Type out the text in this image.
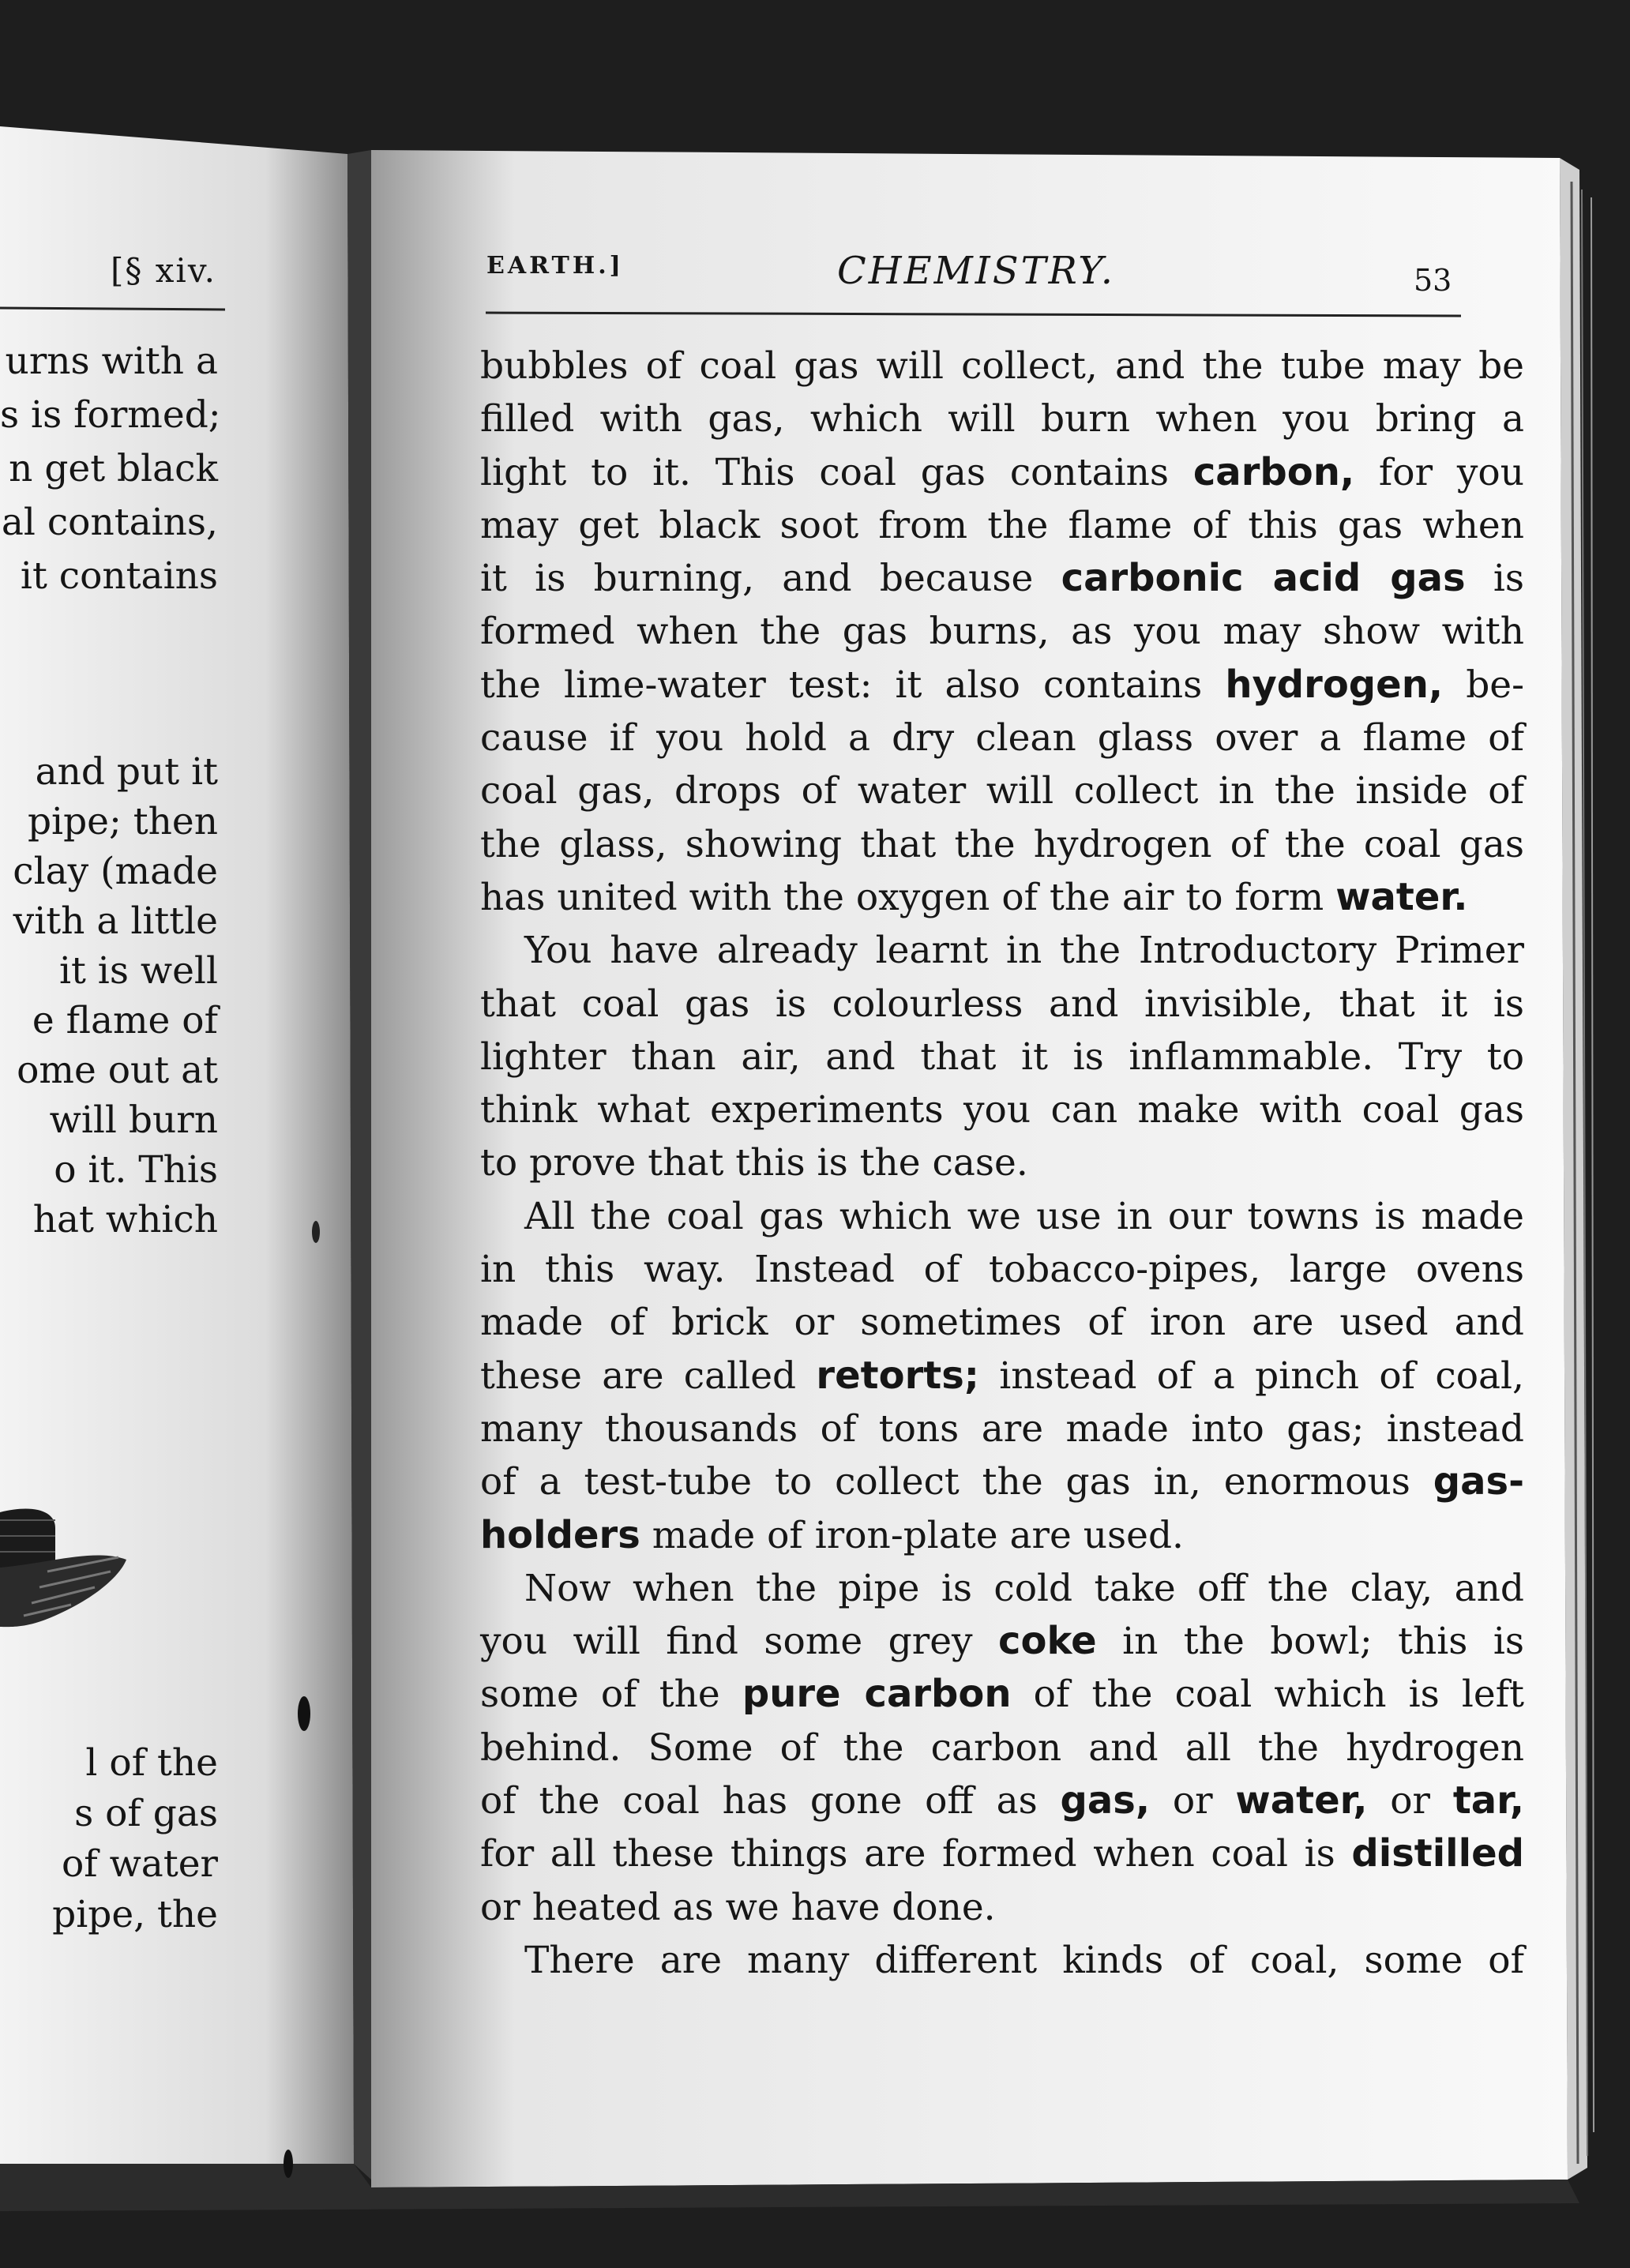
[§ xiv.
urns with a
s is formed;
n get black
al contains,
it contains
and put it
pipe; then
clay (made
vith a little
it is well
e flame of
ome out at
will burn
o it. This
hat which
l of the
s of gas
of water
pipe, the
EARTH.]	CHEMISTRY.	53
bubbles of coal gas will collect, and the tube may be
filled with gas, which will burn when you bring a
light to it. This coal gas contains carbon, for you
may get black soot from the flame of this gas when
it is burning, and because carbonic acid gas is
formed when the gas burns, as you may show with
the lime-water test: it also contains hydrogen, be-
cause if you hold a dry clean glass over a flame of
coal gas, drops of water will collect in the inside of
the glass, showing that the hydrogen of the coal gas
has united with the oxygen of the air to form water.
You have already learnt in the Introductory Primer
that coal gas is colourless and invisible, that it is
lighter than air, and that it is inflammable. Try to
think what experiments you can make with coal gas
to prove that this is the case.
All the coal gas which we use in our towns is made
in this way. Instead of tobacco-pipes, large ovens
made of brick or sometimes of iron are used and
these are called retorts; instead of a pinch of coal,
many thousands of tons are made into gas; instead
of a test-tube to collect the gas in, enormous gas-
holders made of iron-plate are used.
Now when the pipe is cold take off the clay, and
you will find some grey coke in the bowl; this is
some of the pure carbon of the coal which is left
behind. Some of the carbon and all the hydrogen
of the coal has gone off as gas, or water, or tar,
for all these things are formed when coal is distilled
or heated as we have done.
There are many different kinds of coal, some of
